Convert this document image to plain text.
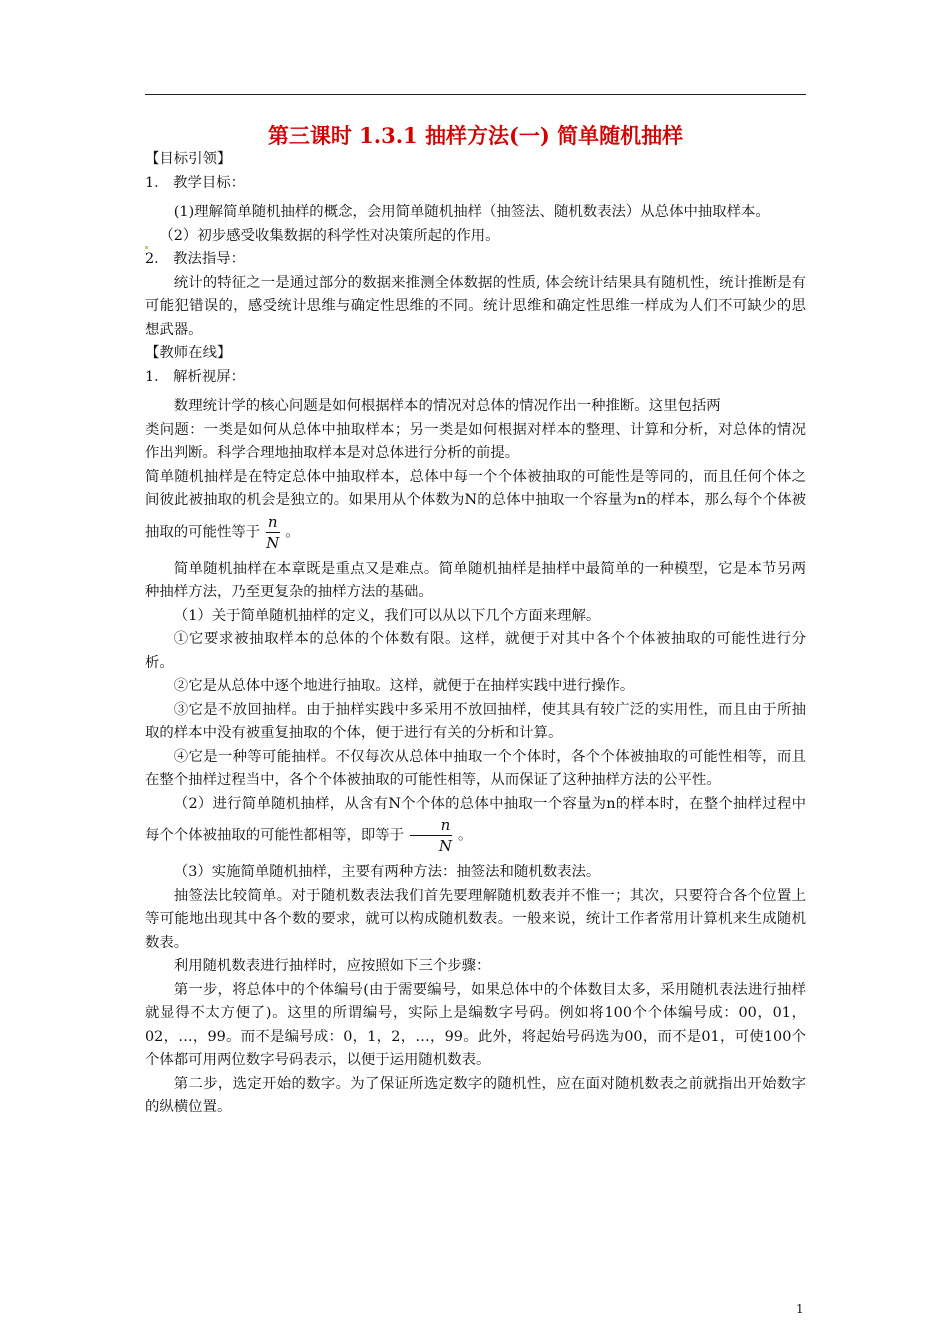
第三课时 1.3.1 抽样方法(一) 简单随机抽样

【目标引领】

1． 教学目标：

(1)理解简单随机抽样的概念，会用简单随机抽样（抽签法、随机数表法）从总体中抽取样本。

（2）初步感受收集数据的科学性对决策所起的作用。

2． 教法指导：

统计的特征之一是通过部分的数据来推测全体数据的性质, 体会统计结果具有随机性，统计推断是有可能犯错误的，感受统计思维与确定性思维的不同。统计思维和确定性思维一样成为人们不可缺少的思想武器。

【教师在线】

1． 解析视屏：

数理统计学的核心问题是如何根据样本的情况对总体的情况作出一种推断。这里包括两

类问题：一类是如何从总体中抽取样本；另一类是如何根据对样本的整理、计算和分析，对总体的情况作出判断。科学合理地抽取样本是对总体进行分析的前提。

简单随机抽样是在特定总体中抽取样本，总体中每一个个体被抽取的可能性是等同的，而且任何个体之间彼此被抽取的机会是独立的。如果用从个体数为N的总体中抽取一个容量为n的样本，那么每个个体被抽取的可能性等于 $\frac{n}{N}$ 。

简单随机抽样在本章既是重点又是难点。简单随机抽样是抽样中最简单的一种模型，它是本节另两种抽样方法，乃至更复杂的抽样方法的基础。

（1）关于简单随机抽样的定义，我们可以从以下几个方面来理解。

①它要求被抽取样本的总体的个体数有限。这样，就便于对其中各个个体被抽取的可能性进行分析。

②它是从总体中逐个地进行抽取。这样，就便于在抽样实践中进行操作。

③它是不放回抽样。由于抽样实践中多采用不放回抽样，使其具有较广泛的实用性，而且由于所抽取的样本中没有被重复抽取的个体，便于进行有关的分析和计算。

④它是一种等可能抽样。不仅每次从总体中抽取一个个体时，各个个体被抽取的可能性相等，而且在整个抽样过程当中，各个个体被抽取的可能性相等，从而保证了这种抽样方法的公平性。

（2）进行简单随机抽样，从含有N个个体的总体中抽取一个容量为n的样本时，在整个抽样过程中每个个体被抽取的可能性都相等，即等于 $\frac{n}{N}$ 。

（3）实施简单随机抽样，主要有两种方法：抽签法和随机数表法。

抽签法比较简单。对于随机数表法我们首先要理解随机数表并不惟一；其次，只要符合各个位置上等可能地出现其中各个数的要求，就可以构成随机数表。一般来说，统计工作者常用计算机来生成随机数表。

利用随机数表进行抽样时，应按照如下三个步骤：

第一步，将总体中的个体编号(由于需要编号，如果总体中的个体数目太多，采用随机表法进行抽样就显得不太方便了)。这里的所谓编号，实际上是编数字号码。例如将100个个体编号成：00，01，02，…，99。而不是编号成：0，1，2，…，99。此外，将起始号码选为00，而不是01，可使100个个体都可用两位数字号码表示，以便于运用随机数表。

第二步，选定开始的数字。为了保证所选定数字的随机性，应在面对随机数表之前就指出开始数字的纵横位置。

1
